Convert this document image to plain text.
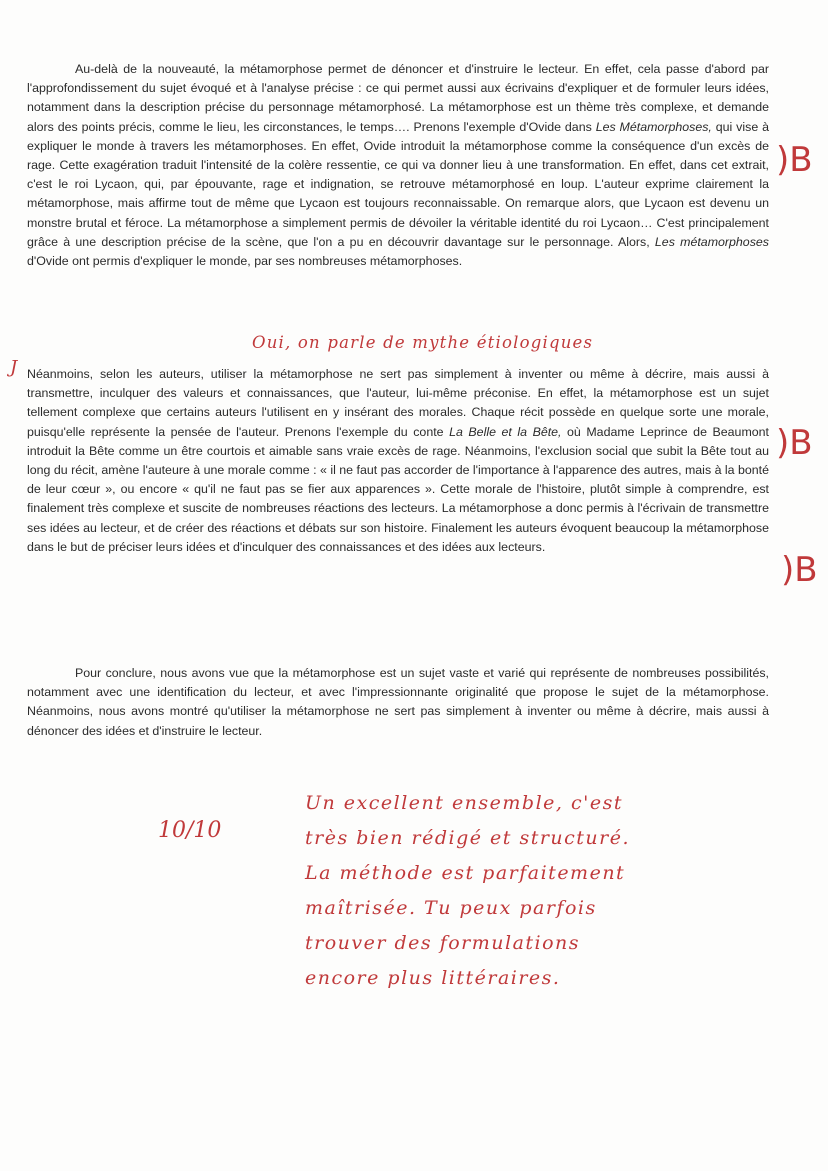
Au-delà de la nouveauté, la métamorphose permet de dénoncer et d'instruire le lecteur. En effet, cela passe d'abord par l'approfondissement du sujet évoqué et à l'analyse précise : ce qui permet aussi aux écrivains d'expliquer et de formuler leurs idées, notamment dans la description précise du personnage métamorphosé. La métamorphose est un thème très complexe, et demande alors des points précis, comme le lieu, les circonstances, le temps…. Prenons l'exemple d'Ovide dans Les Métamorphoses, qui vise à expliquer le monde à travers les métamorphoses. En effet, Ovide introduit la métamorphose comme la conséquence d'un excès de rage. Cette exagération traduit l'intensité de la colère ressentie, ce qui va donner lieu à une transformation. En effet, dans cet extrait, c'est le roi Lycaon, qui, par épouvante, rage et indignation, se retrouve métamorphosé en loup. L'auteur exprime clairement la métamorphose, mais affirme tout de même que Lycaon est toujours reconnaissable. On remarque alors, que Lycaon est devenu un monstre brutal et féroce. La métamorphose a simplement permis de dévoiler la véritable identité du roi Lycaon… C'est principalement grâce à une description précise de la scène, que l'on a pu en découvrir davantage sur le personnage. Alors, Les métamorphoses d'Ovide ont permis d'expliquer le monde, par ses nombreuses métamorphoses.

Oui, on parle de mythe étiologiques
J Néanmoins, selon les auteurs, utiliser la métamorphose ne sert pas simplement à inventer ou même à décrire, mais aussi à transmettre, inculquer des valeurs et connaissances, que l'auteur, lui-même préconise. En effet, la métamorphose est un sujet tellement complexe que certains auteurs l'utilisent en y insérant des morales. Chaque récit possède en quelque sorte une morale, puisqu'elle représente la pensée de l'auteur. Prenons l'exemple du conte La Belle et la Bête, où Madame Leprince de Beaumont introduit la Bête comme un être courtois et aimable sans vraie excès de rage. Néanmoins, l'exclusion social que subit la Bête tout au long du récit, amène l'auteure à une morale comme : « il ne faut pas accorder de l'importance à l'apparence des autres, mais à la bonté de leur cœur », ou encore « qu'il ne faut pas se fier aux apparences ». Cette morale de l'histoire, plutôt simple à comprendre, est finalement très complexe et suscite de nombreuses réactions des lecteurs. La métamorphose a donc permis à l'écrivain de transmettre ses idées au lecteur, et de créer des réactions et débats sur son histoire. Finalement les auteurs évoquent beaucoup la métamorphose dans le but de préciser leurs idées et d'inculquer des connaissances et des idées aux lecteurs.

)B
)B
)B

Pour conclure, nous avons vue que la métamorphose est un sujet vaste et varié qui représente de nombreuses possibilités, notamment avec une identification du lecteur, et avec l'impressionnante originalité que propose le sujet de la métamorphose. Néanmoins, nous avons montré qu'utiliser la métamorphose ne sert pas simplement à inventer ou même à décrire, mais aussi à dénoncer des idées et d'instruire le lecteur.

10/10
Un excellent ensemble, c'est
très bien rédigé et structuré.
La méthode est parfaitement
maîtrisée. Tu peux parfois
trouver des formulations
encore plus littéraires.
